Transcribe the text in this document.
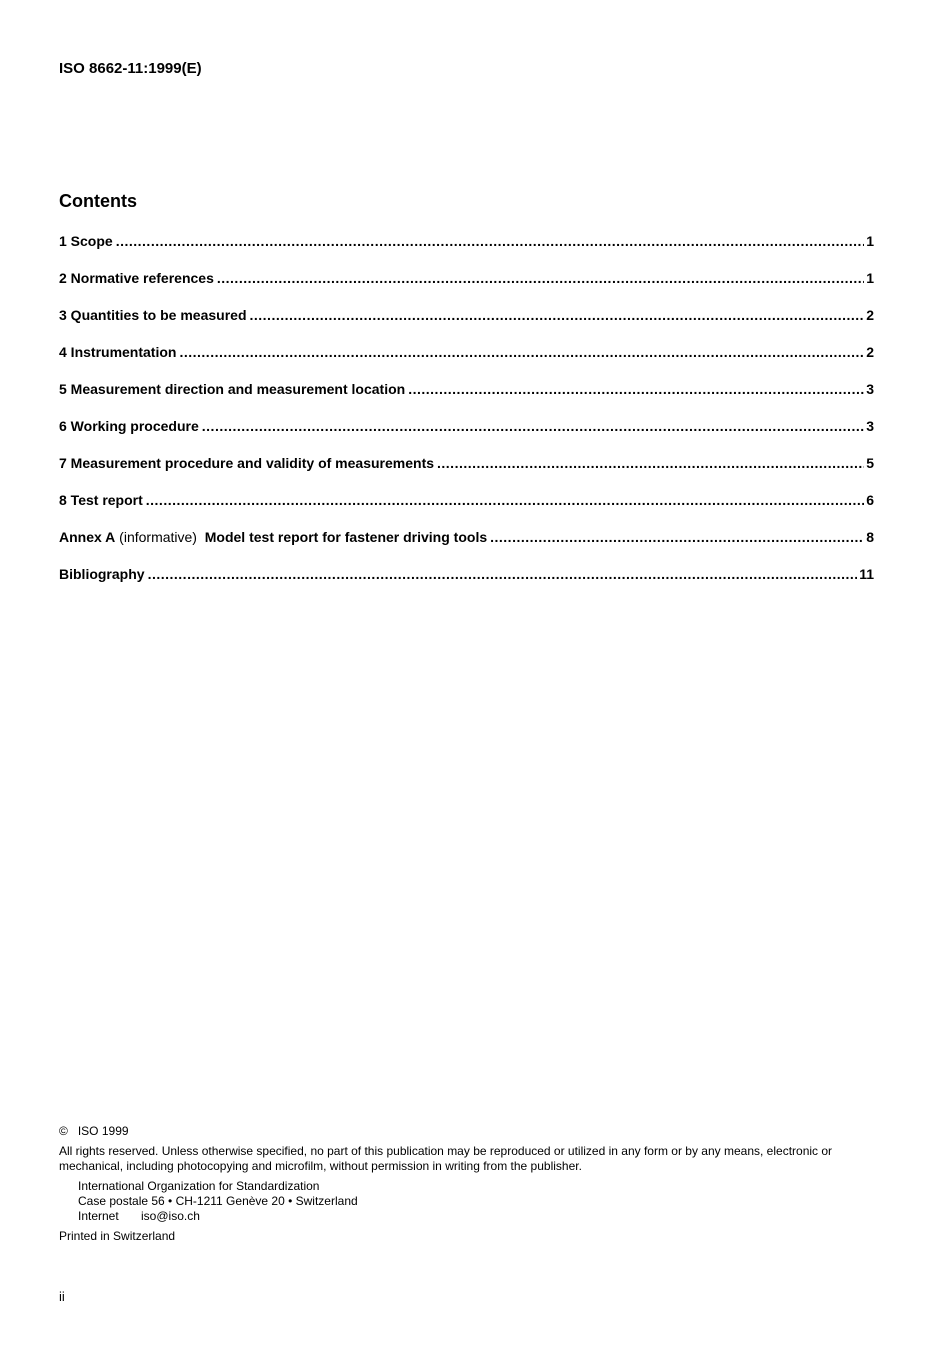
ISO 8662-11:1999(E)
Contents
1 Scope .....	1
2 Normative references .....	1
3 Quantities to be measured .....	2
4 Instrumentation .....	2
5 Measurement direction and measurement location .....	3
6 Working procedure .....	3
7 Measurement procedure and validity of measurements .....	5
8 Test report .....	6
Annex A (informative) Model test report for fastener driving tools .....	8
Bibliography .....	11
© ISO 1999
All rights reserved. Unless otherwise specified, no part of this publication may be reproduced or utilized in any form or by any means, electronic or mechanical, including photocopying and microfilm, without permission in writing from the publisher.
International Organization for Standardization
Case postale 56 • CH-1211 Genève 20 • Switzerland
Internet iso@iso.ch
Printed in Switzerland
ii
